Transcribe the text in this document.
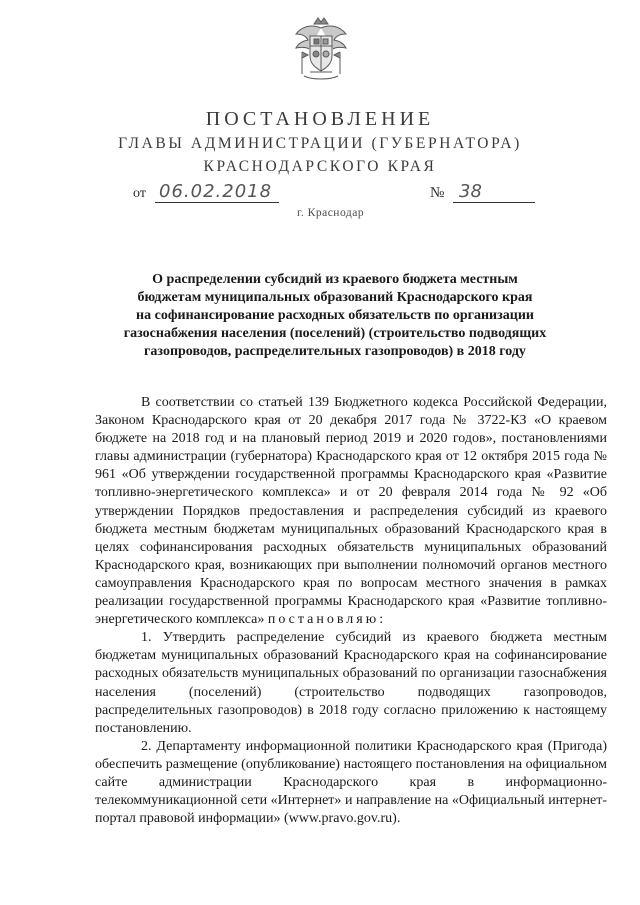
ПОСТАНОВЛЕНИЕ
ГЛАВЫ АДМИНИСТРАЦИИ (ГУБЕРНАТОРА)
КРАСНОДАРСКОГО КРАЯ
от 06.02.2018	№ 38
г. Краснодар
О распределении субсидий из краевого бюджета местным
бюджетам муниципальных образований Краснодарского края
на софинансирование расходных обязательств по организации
газоснабжения населения (поселений) (строительство подводящих
газопроводов, распределительных газопроводов) в 2018 году

В соответствии со статьей 139 Бюджетного кодекса Российской Федерации, Законом Краснодарского края от 20 декабря 2017 года № 3722-КЗ «О краевом бюджете на 2018 год и на плановый период 2019 и 2020 годов», постановлениями главы администрации (губернатора) Краснодарского края от 12 октября 2015 года № 961 «Об утверждении государственной программы Краснодарского края «Развитие топливно-энергетического комплекса» и от 20 февраля 2014 года № 92 «Об утверждении Порядков предоставления и распределения субсидий из краевого бюджета местным бюджетам муниципальных образований Краснодарского края в целях софинансирования расходных обязательств муниципальных образований Краснодарского края, возникающих при выполнении полномочий органов местного самоуправления Краснодарского края по вопросам местного значения в рамках реализации государственной программы Краснодарского края «Развитие топливно-энергетического комплекса» постановляю:

1. Утвердить распределение субсидий из краевого бюджета местным бюджетам муниципальных образований Краснодарского края на софинансирование расходных обязательств муниципальных образований по организации газоснабжения населения (поселений) (строительство подводящих газопроводов, распределительных газопроводов) в 2018 году согласно приложению к настоящему постановлению.

2. Департаменту информационной политики Краснодарского края (Пригода) обеспечить размещение (опубликование) настоящего постановления на официальном сайте администрации Краснодарского края в информационно-телекоммуникационной сети «Интернет» и направление на «Официальный интернет-портал правовой информации» (www.pravo.gov.ru).
